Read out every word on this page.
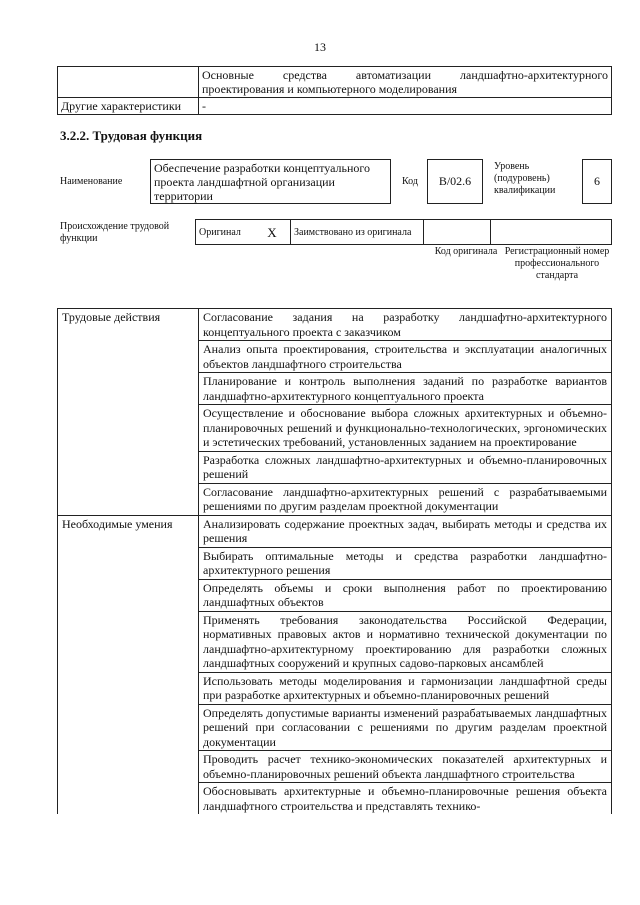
13
	Основные средства автоматизации ландшафтно-архитектурного проектирования и компьютерного моделирования
Другие характеристики	-
3.2.2. Трудовая функция
Наименование
Обеспечение разработки концептуального проекта ландшафтной организации территории
Код	B/02.6
Уровень (подуровень) квалификации
6
Происхождение трудовой функции
Оригинал	X	Заимствовано из оригинала		
Код оригинала Регистрационный номер профессионального стандарта
Трудовые действия	Согласование задания на разработку ландшафтно-архитектурного концептуального проекта с заказчиком
	Анализ опыта проектирования, строительства и эксплуатации аналогичных объектов ландшафтного строительства
	Планирование и контроль выполнения заданий по разработке вариантов ландшафтно-архитектурного концептуального проекта
	Осуществление и обоснование выбора сложных архитектурных и объемно-планировочных решений и функционально-технологических, эргономических и эстетических требований, установленных заданием на проектирование
	Разработка сложных ландшафтно-архитектурных и объемно-планировочных решений
	Согласование ландшафтно-архитектурных решений с разрабатываемыми решениями по другим разделам проектной документации
Необходимые умения	Анализировать содержание проектных задач, выбирать методы и средства их решения
	Выбирать оптимальные методы и средства разработки ландшафтно-архитектурного решения
	Определять объемы и сроки выполнения работ по проектированию ландшафтных объектов
	Применять требования законодательства Российской Федерации, нормативных правовых актов и нормативно технической документации по ландшафтно-архитектурному проектированию для разработки сложных ландшафтных сооружений и крупных садово-парковых ансамблей
	Использовать методы моделирования и гармонизации ландшафтной среды при разработке архитектурных и объемно-планировочных решений
	Определять допустимые варианты изменений разрабатываемых ландшафтных решений при согласовании с решениями по другим разделам проектной документации
	Проводить расчет технико-экономических показателей архитектурных и объемно-планировочных решений объекта ландшафтного строительства
	Обосновывать архитектурные и объемно-планировочные решения объекта ландшафтного строительства и представлять технико-
